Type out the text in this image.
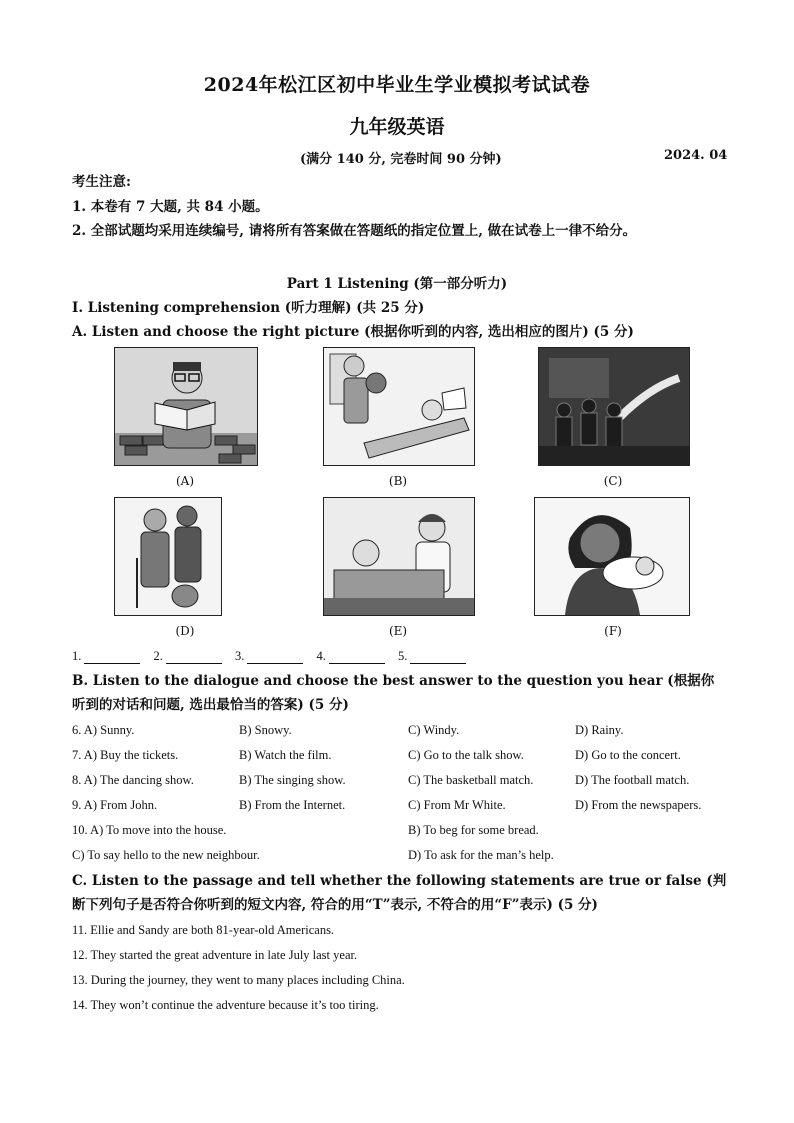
2024年松江区初中毕业生学业模拟考试试卷
九年级英语
(满分 140 分, 完卷时间 90 分钟)	2024. 04
考生注意:
1. 本卷有 7 大题, 共 84 小题。
2. 全部试题均采用连续编号, 请将所有答案做在答题纸的指定位置上, 做在试卷上一律不给分。
Part 1 Listening (第一部分听力)
I. Listening comprehension (听力理解) (共 25 分)
A. Listen and choose the right picture (根据你听到的内容, 选出相应的图片) (5 分)
(A)	(B)	(C)
(D)	(E)	(F)
1.	2.	3.	4.	5.
B. Listen to the dialogue and choose the best answer to the question you hear (根据你听到的对话和问题, 选出最恰当的答案) (5 分)
6. A) Sunny.	B) Snowy.	C) Windy.	D) Rainy.
7. A) Buy the tickets.	B) Watch the film.	C) Go to the talk show.	D) Go to the concert.
8. A) The dancing show.	B) The singing show.	C) The basketball match.	D) The football match.
9. A) From John.	B) From the Internet.	C) From Mr White.	D) From the newspapers.
10. A) To move into the house.	B) To beg for some bread.
C) To say hello to the new neighbour.	D) To ask for the man’s help.
C. Listen to the passage and tell whether the following statements are true or false (判断下列句子是否符合你听到的短文内容, 符合的用“T”表示, 不符合的用“F”表示) (5 分)
11. Ellie and Sandy are both 81-year-old Americans.
12. They started the great adventure in late July last year.
13. During the journey, they went to many places including China.
14. They won’t continue the adventure because it’s too tiring.
